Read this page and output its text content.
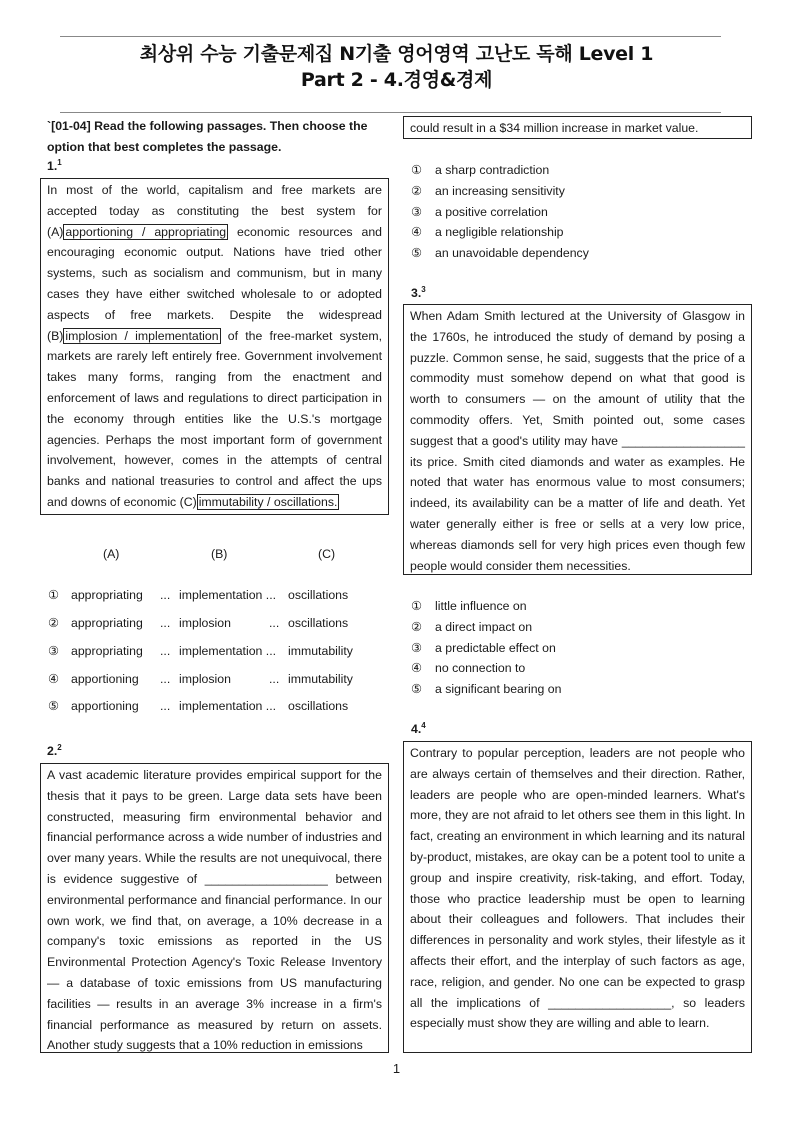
최상위 수능 기출문제집 N기출 영어영역 고난도 독해 Level 1
Part 2 - 4.경영&경제
`[01-04] Read the following passages. Then choose the
option that best completes the passage.
1.$^1$
In most of the world, capitalism and free markets are accepted today as constituting the best system for (A) apportioning / appropriating economic resources and encouraging economic output. Nations have tried other systems, such as socialism and communism, but in many cases they have either switched wholesale to or adopted aspects of free markets. Despite the widespread (B) implosion / implementation of the free-market system, markets are rarely left entirely free. Government involvement takes many forms, ranging from the enactment and enforcement of laws and regulations to direct participation in the economy through entities like the U.S.'s mortgage agencies. Perhaps the most important form of government involvement, however, comes in the attempts of central banks and national treasuries to control and affect the ups and downs of economic (C) immutability / oscillations.
(A)	(B)	(C)
① appropriating ... implementation ... oscillations
② appropriating ... implosion	... oscillations
③ appropriating ... implementation ... immutability
④ apportioning ... implosion	... immutability
⑤ apportioning ... implementation ... oscillations
2.$^2$
A vast academic literature provides empirical support for the thesis that it pays to be green. Large data sets have been constructed, measuring firm environmental behavior and financial performance across a wide number of industries and over many years. While the results are not unequivocal, there is evidence suggestive of __________________ between environmental performance and financial performance. In our own work, we find that, on average, a 10% decrease in a company's toxic emissions as reported in the US Environmental Protection Agency's Toxic Release Inventory — a database of toxic emissions from US manufacturing facilities — results in an average 3% increase in a firm's financial performance as measured by return on assets. Another study suggests that a 10% reduction in emissions
could result in a $34 million increase in market value.
① a sharp contradiction
② an increasing sensitivity
③ a positive correlation
④ a negligible relationship
⑤ an unavoidable dependency
3.$^3$
When Adam Smith lectured at the University of Glasgow in the 1760s, he introduced the study of demand by posing a puzzle. Common sense, he said, suggests that the price of a commodity must somehow depend on what that good is worth to consumers — on the amount of utility that the commodity offers. Yet, Smith pointed out, some cases suggest that a good's utility may have __________________ its price. Smith cited diamonds and water as examples. He noted that water has enormous value to most consumers; indeed, its availability can be a matter of life and death. Yet water generally either is free or sells at a very low price, whereas diamonds sell for very high prices even though few people would consider them necessities.
① little influence on
② a direct impact on
③ a predictable effect on
④ no connection to
⑤ a significant bearing on
4.$^4$
Contrary to popular perception, leaders are not people who are always certain of themselves and their direction. Rather, leaders are people who are open-minded learners. What's more, they are not afraid to let others see them in this light. In fact, creating an environment in which learning and its natural by-product, mistakes, are okay can be a potent tool to unite a group and inspire creativity, risk-taking, and effort. Today, those who practice leadership must be open to learning about their colleagues and followers. That includes their differences in personality and work styles, their lifestyle as it affects their effort, and the interplay of such factors as age, race, religion, and gender. No one can be expected to grasp all the implications of __________________, so leaders especially must show they are willing and able to learn.
1
